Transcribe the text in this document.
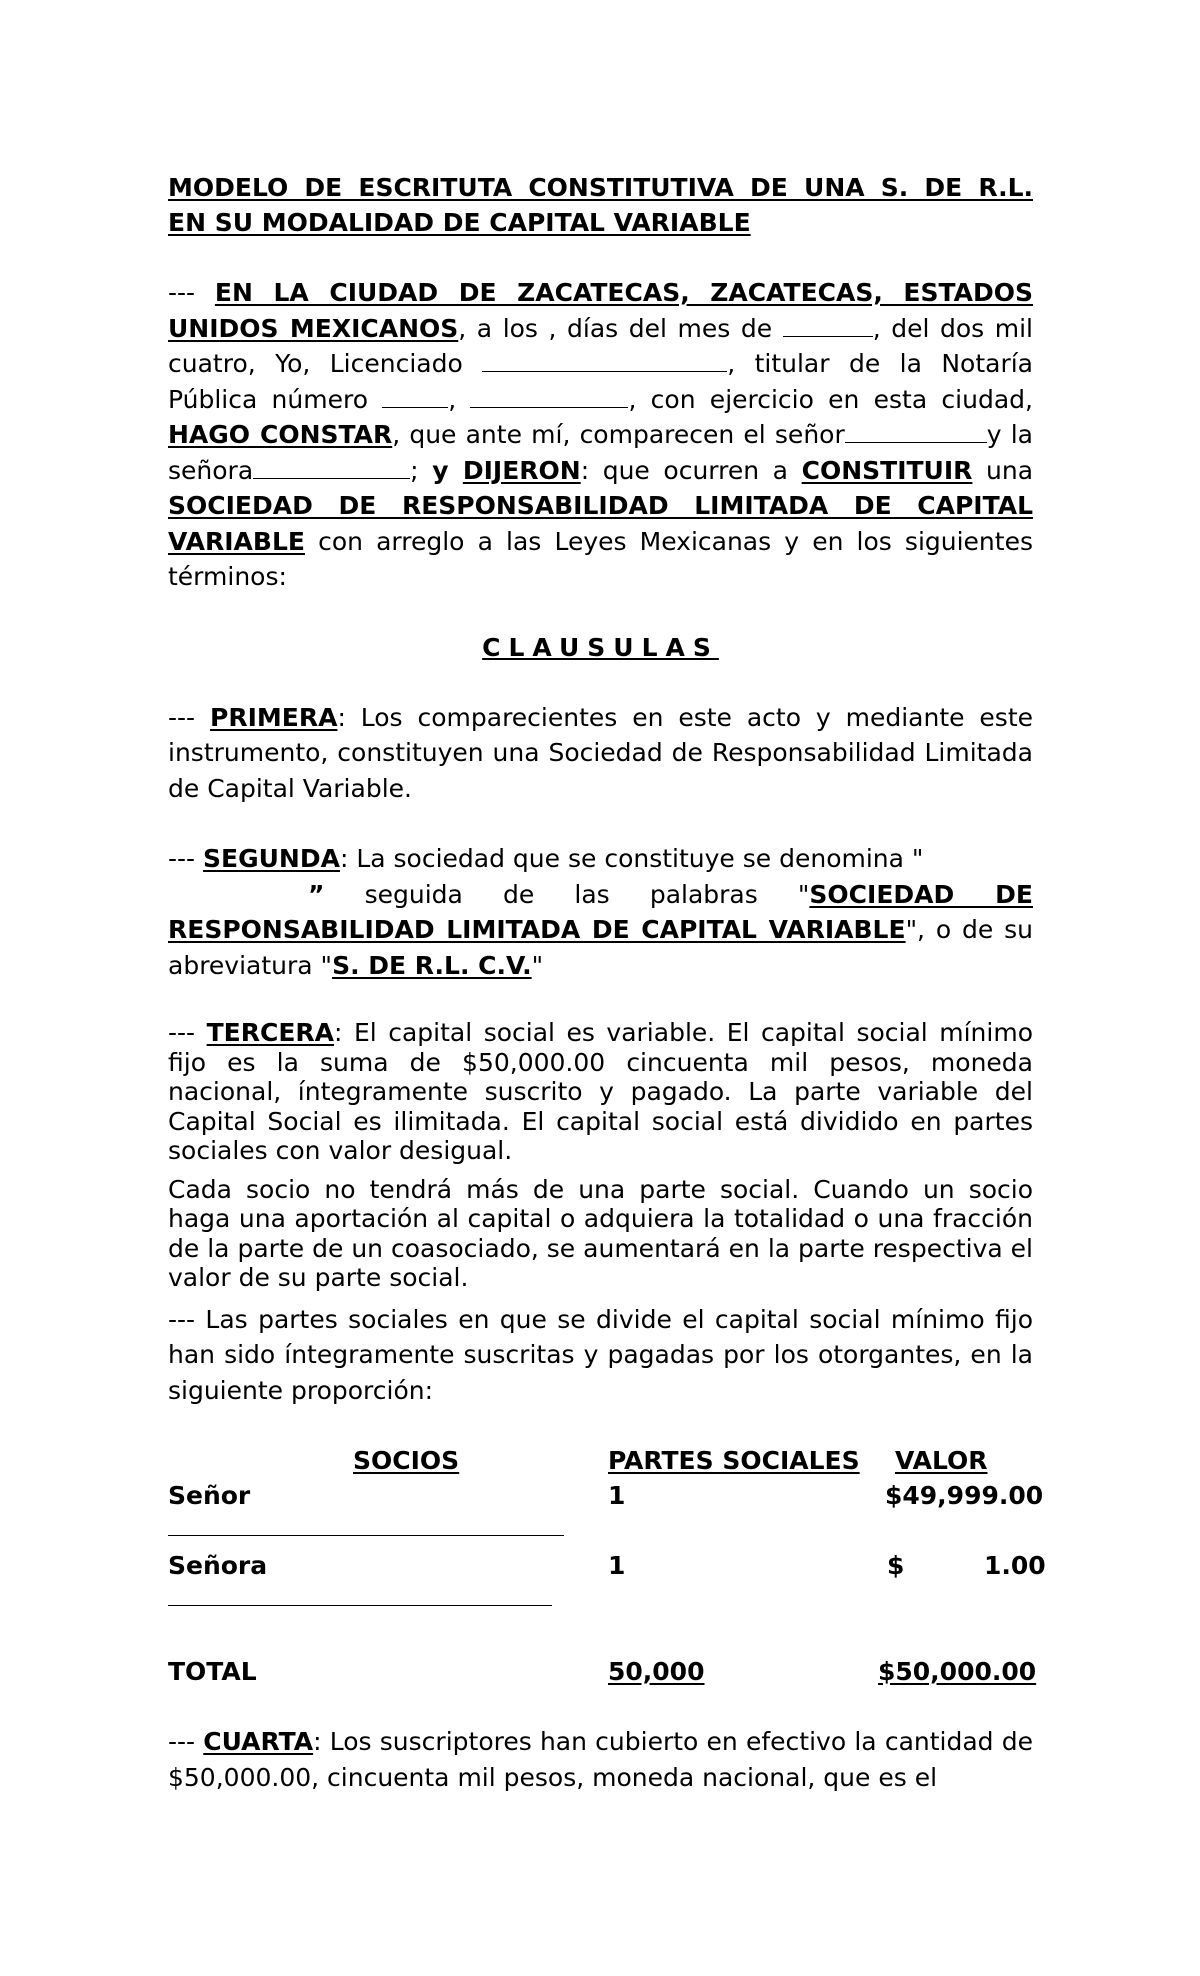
MODELO DE ESCRITUTA CONSTITUTIVA DE UNA S. DE R.L.

EN SU MODALIDAD DE CAPITAL VARIABLE

--- EN LA CIUDAD DE ZACATECAS, ZACATECAS, ESTADOS UNIDOS MEXICANOS, a los , días del mes de	, del dos mil cuatro, Yo, Licenciado	, titular de la Notaría Pública número	,	, con ejercicio en esta ciudad, HAGO CONSTAR, que ante mí, comparecen el señor	y la señora	; y DIJERON: que ocurren a CONSTITUIR una SOCIEDAD DE RESPONSABILIDAD LIMITADA DE CAPITAL VARIABLE con arreglo a las Leyes Mexicanas y en los siguientes términos:

CLAUSULAS

--- PRIMERA: Los comparecientes en este acto y mediante este instrumento, constituyen una Sociedad de Responsabilidad Limitada de Capital Variable.

--- SEGUNDA: La sociedad que se constituye se denomina "
” seguida de las palabras "SOCIEDAD DE RESPONSABILIDAD LIMITADA DE CAPITAL VARIABLE", o de su abreviatura "S. DE R.L. C.V."

--- TERCERA: El capital social es variable. El capital social mínimo fijo es la suma de $50,000.00 cincuenta mil pesos, moneda nacional, íntegramente suscrito y pagado. La parte variable del Capital Social es ilimitada. El capital social está dividido en partes sociales con valor desigual.

Cada socio no tendrá más de una parte social. Cuando un socio haga una aportación al capital o adquiera la totalidad o una fracción de la parte de un coasociado, se aumentará en la parte respectiva el valor de su parte social.

--- Las partes sociales en que se divide el capital social mínimo fijo han sido íntegramente suscritas y pagadas por los otorgantes, en la siguiente proporción:

SOCIOS	PARTES SOCIALES VALOR
Señor	1	$49,999.00
Señora	1	$	1.00
TOTAL	50,000	$50,000.00

--- CUARTA: Los suscriptores han cubierto en efectivo la cantidad de $50,000.00, cincuenta mil pesos, moneda nacional, que es el
